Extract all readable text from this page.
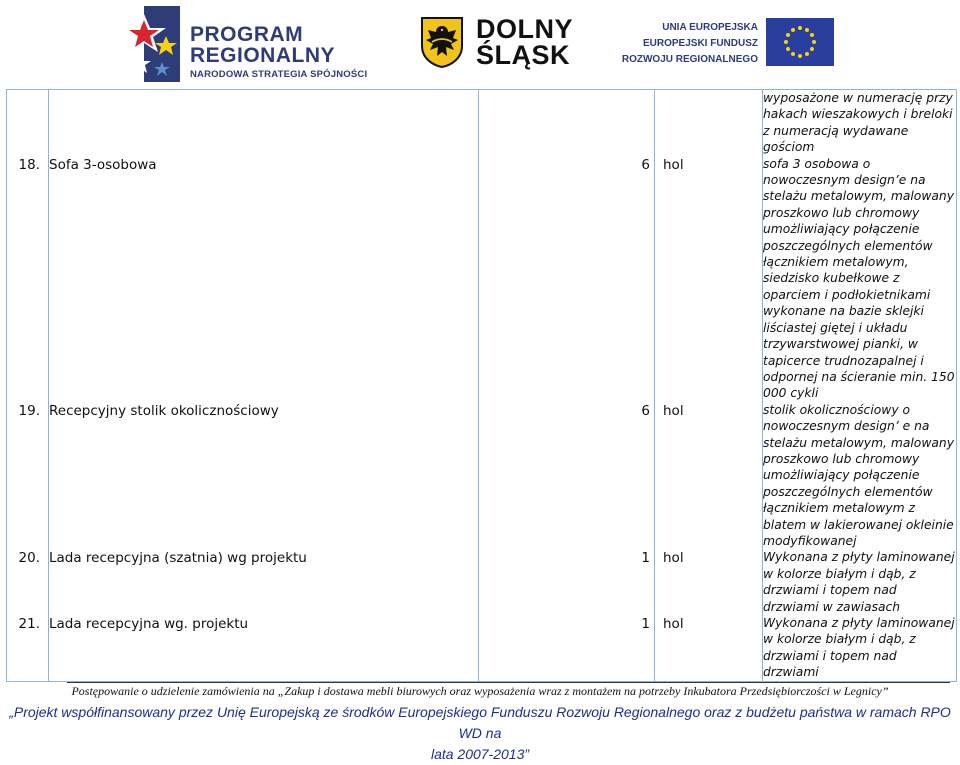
PROGRAM
REGIONALNY
NARODOWA STRATEGIA SPÓJNOŚCI
DOLNY
ŚLĄSK
UNIA EUROPEJSKA
EUROPEJSKI FUNDUSZ
ROZWOJU REGIONALNEGO
				wyposażone w numerację przy hakach wieszakowych i breloki z numeracją wydawane gościom
18.	Sofa 3-osobowa	6	hol	sofa 3 osobowa o nowoczesnym design’e na stelażu metalowym, malowany proszkowo lub chromowy umożliwiający połączenie poszczególnych elementów łącznikiem metalowym, siedzisko kubełkowe z oparciem i podłokietnikami wykonane na bazie sklejki liściastej giętej i układu trzywarstwowej pianki, w tapicerce trudnozapalnej i odpornej na ścieranie min. 150 000 cykli
19.	Recepcyjny stolik okolicznościowy	6	hol	stolik okolicznościowy o nowoczesnym design’ e na stelażu metalowym, malowany proszkowo lub chromowy umożliwiający połączenie poszczególnych elementów łącznikiem metalowym z blatem w lakierowanej okleinie modyfikowanej
20.	Lada recepcyjna (szatnia) wg projektu	1	hol	Wykonana z płyty laminowanej w kolorze białym i dąb, z drzwiami i topem nad drzwiami w zawiasach
21.	Lada recepcyjna wg. projektu	1	hol	Wykonana z płyty laminowanej w kolorze białym i dąb, z drzwiami i topem nad drzwiami
Postępowanie o udzielenie zamówienia na „Zakup i dostawa mebli biurowych oraz wyposażenia wraz z montażem na potrzeby Inkubatora Przedsiębiorczości w Legnicy”
„Projekt współfinansowany przez Unię Europejską ze środków Europejskiego Funduszu Rozwoju Regionalnego oraz z budżetu państwa w ramach RPO WD na
lata 2007-2013”
